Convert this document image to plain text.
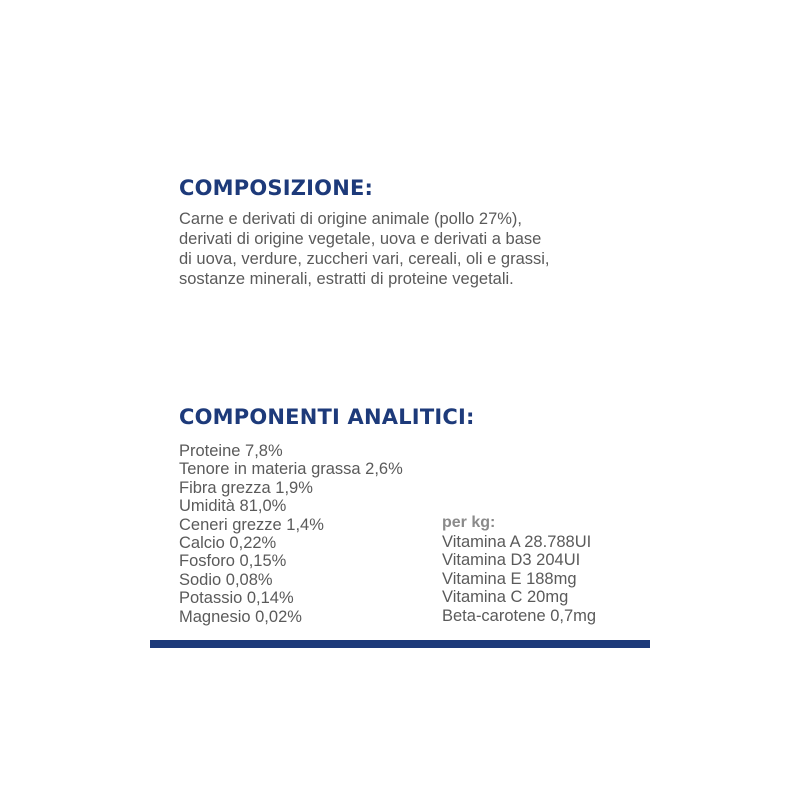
COMPOSIZIONE:

Carne e derivati di origine animale (pollo 27%),
derivati di origine vegetale, uova e derivati a base
di uova, verdure, zuccheri vari, cereali, oli e grassi,
sostanze minerali, estratti di proteine vegetali.

COMPONENTI ANALITICI:
Proteine 7,8%
Tenore in materia grassa 2,6%
Fibra grezza 1,9%
Umidità 81,0%
Ceneri grezze 1,4%
Calcio 0,22%
Fosforo 0,15%
Sodio 0,08%
Potassio 0,14%
Magnesio 0,02%
per kg:
Vitamina A 28.788UI
Vitamina D3 204UI
Vitamina E 188mg
Vitamina C 20mg
Beta-carotene 0,7mg
